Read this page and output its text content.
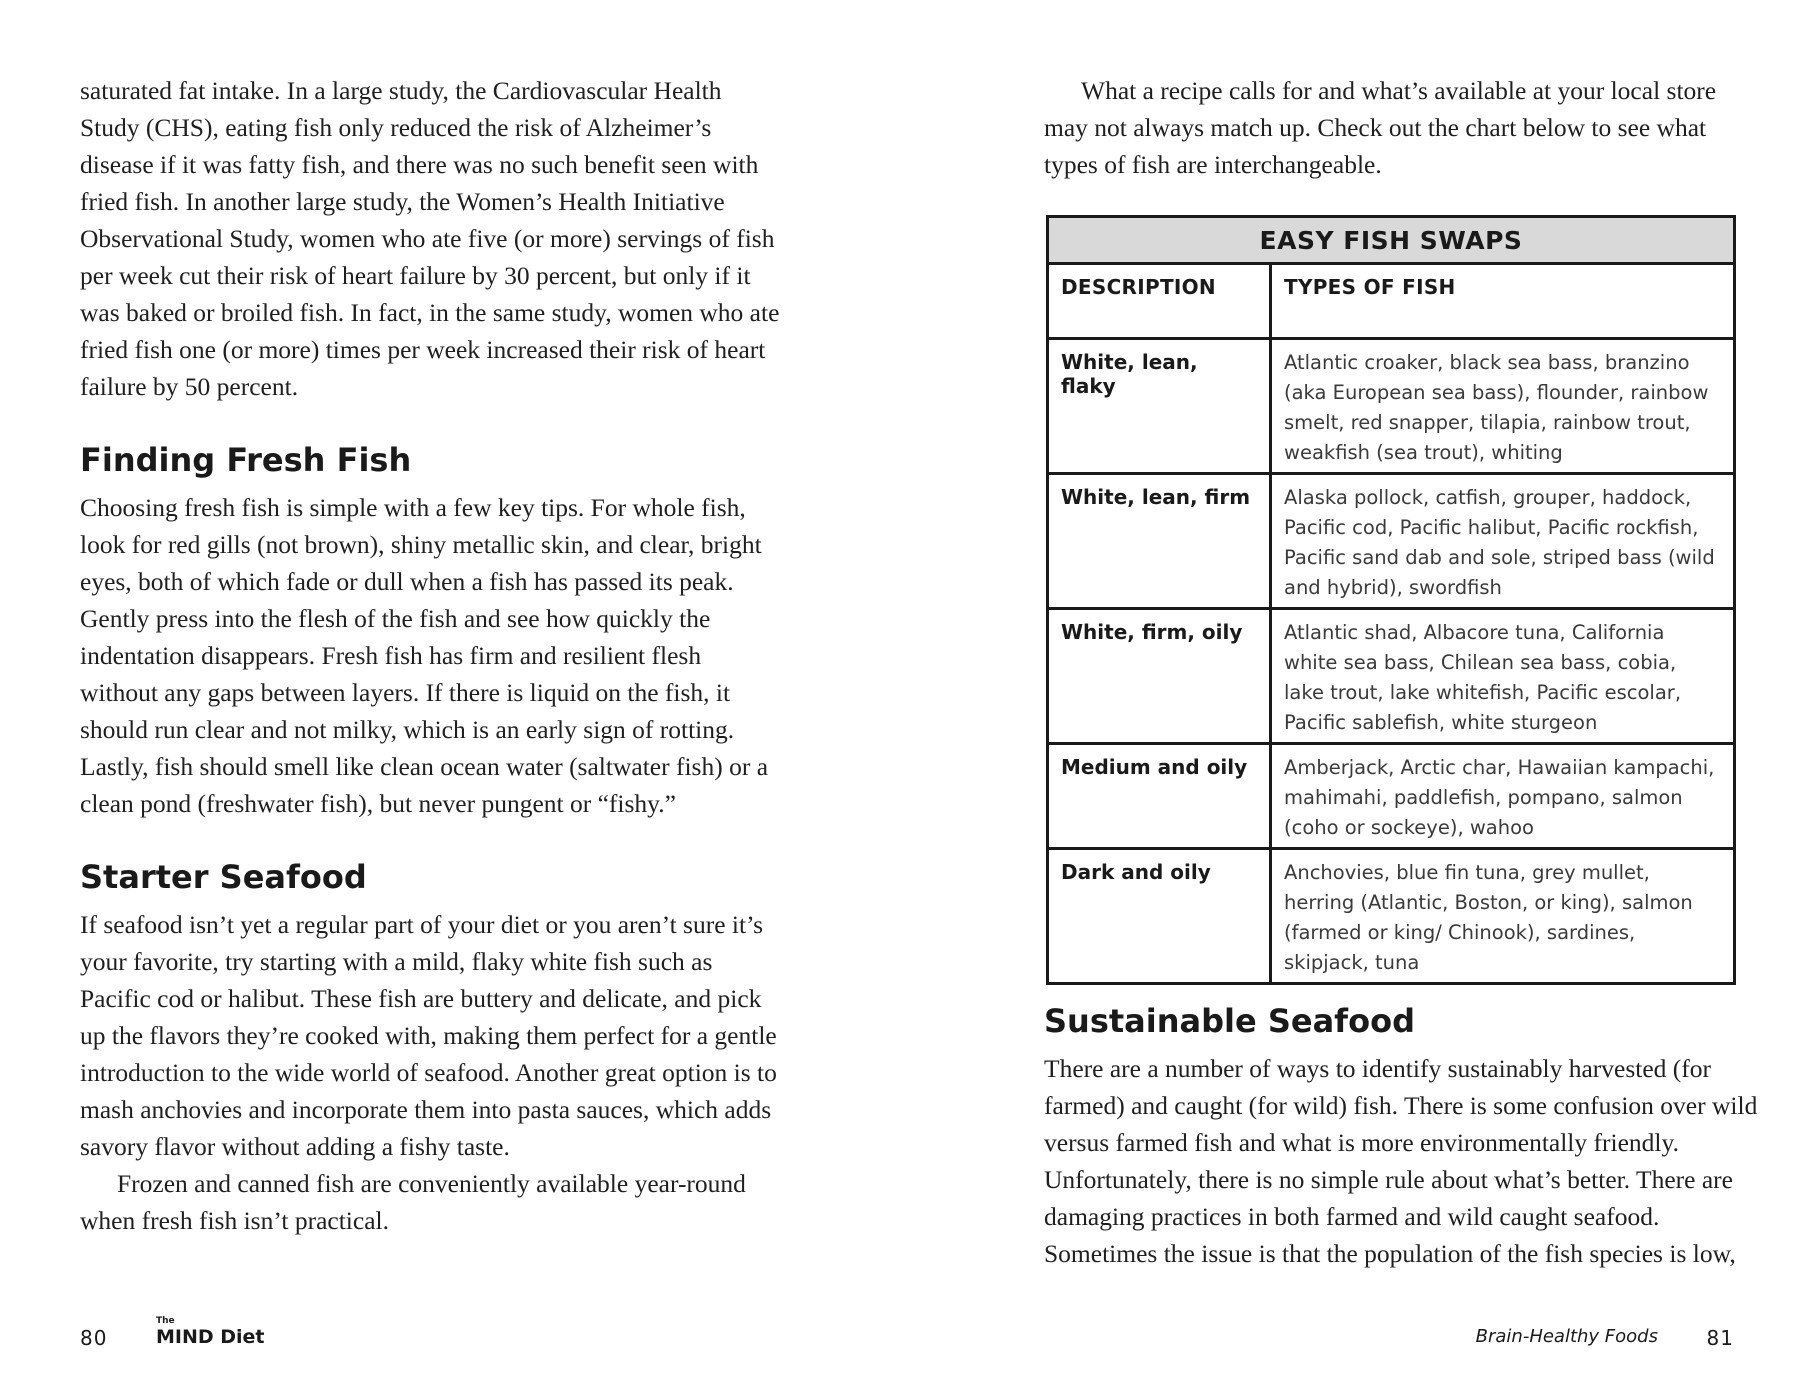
saturated fat intake. In a large study, the Cardiovascular Health Study (CHS), eating fish only reduced the risk of Alzheimer’s disease if it was fatty fish, and there was no such benefit seen with fried fish. In another large study, the Women’s Health Initiative Observational Study, women who ate five (or more) servings of fish per week cut their risk of heart failure by 30 percent, but only if it was baked or broiled fish. In fact, in the same study, women who ate fried fish one (or more) times per week increased their risk of heart failure by 50 percent.

Finding Fresh Fish

Choosing fresh fish is simple with a few key tips. For whole fish, look for red gills (not brown), shiny metallic skin, and clear, bright eyes, both of which fade or dull when a fish has passed its peak. Gently press into the flesh of the fish and see how quickly the indentation disappears. Fresh fish has firm and resilient flesh without any gaps between layers. If there is liquid on the fish, it should run clear and not milky, which is an early sign of rotting. Lastly, fish should smell like clean ocean water (saltwater fish) or a clean pond (freshwater fish), but never pungent or “fishy.”

Starter Seafood

If seafood isn’t yet a regular part of your diet or you aren’t sure it’s your favorite, try starting with a mild, flaky white fish such as Pacific cod or halibut. These fish are buttery and delicate, and pick up the flavors they’re cooked with, making them perfect for a gentle introduction to the wide world of seafood. Another great option is to mash anchovies and incorporate them into pasta sauces, which adds savory flavor without adding a fishy taste.

Frozen and canned fish are conveniently available year-round when fresh fish isn’t practical.

80
The
MIND Diet

What a recipe calls for and what’s available at your local store may not always match up. Check out the chart below to see what types of fish are interchangeable.

EASY FISH SWAPS	
DESCRIPTION	TYPES OF FISH
White, lean, flaky	Atlantic croaker, black sea bass, branzino (aka European sea bass), flounder, rainbow smelt, red snapper, tilapia, rainbow trout, weakfish (sea trout), whiting
White, lean, firm	Alaska pollock, catfish, grouper, haddock, Pacific cod, Pacific halibut, Pacific rockfish, Pacific sand dab and sole, striped bass (wild and hybrid), swordfish
White, firm, oily	Atlantic shad, Albacore tuna, California white sea bass, Chilean sea bass, cobia, lake trout, lake whitefish, Pacific escolar, Pacific sablefish, white sturgeon
Medium and oily	Amberjack, Arctic char, Hawaiian kampachi, mahimahi, paddlefish, pompano, salmon (coho or sockeye), wahoo
Dark and oily	Anchovies, blue fin tuna, grey mullet, herring (Atlantic, Boston, or king), salmon (farmed or king/ Chinook), sardines, skipjack, tuna
Sustainable Seafood

There are a number of ways to identify sustainably harvested (for farmed) and caught (for wild) fish. There is some confusion over wild versus farmed fish and what is more environmentally friendly. Unfortunately, there is no simple rule about what’s better. There are damaging practices in both farmed and wild caught seafood. Sometimes the issue is that the population of the fish species is low,

Brain-Healthy Foods 81
